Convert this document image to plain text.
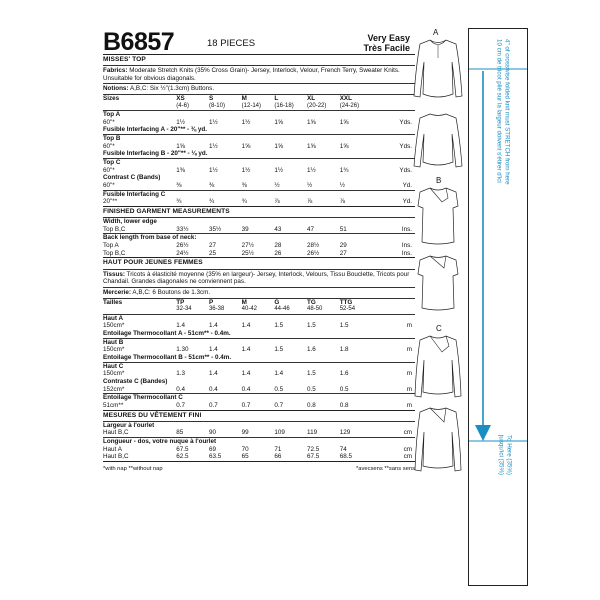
B6857	18 PIECES	Very Easy
Très Facile
MISSES' TOP
Fabrics: Moderate Stretch Knits (35% Cross Grain)- Jersey, Interlock, Velour, French Terry, Sweater Knits. Unsuitable for obvious diagonals.
Notions: A,B,C: Six ½"(1.3cm) Buttons.
Sizes	XS	S	M	L	XL	XXL
(4-6)	(8-10)	(12-14)	(16-18)	(20-22)	(24-26)
Top A
60"*	1½	1½	1½	1⅝	1⅝	1⅝	Yds.
Fusible Interfacing A - 20"** - ⅜ yd.
Top B
60"*	1⅝	1½	1⅝	1⅝	1⅝	1⅝	Yds.
Fusible Interfacing B - 20"** - ⅛ yd.
Top C
60"*	1⅜	1½	1½	1½	1½	1¾	Yds.
Contrast C (Bands)
60"*	⅜	⅜	⅜	½	½	½	Yd.
Fusible Interfacing C
20"**	¾	¾	¾	⅞	⅞	⅞	Yd.
FINISHED GARMENT MEASUREMENTS
Width, lower edge
Top B,C	33½	35½	39	43	47	51	Ins.
Back length from base of neck:
Top A	26½	27	27½	28	28½	29	Ins.
Top B,C	24½	25	25½	26	26½	27	Ins.
HAUT POUR JEUNES FEMMES
Tissus: Tricots à élasticité moyenne (35% en largeur)- Jersey, Interlock, Velours, Tissu Bouclette, Tricots pour Chandail. Grandes diagonales ne conviennent pas.
Mercerie: A,B,C: 6 Boutons de 1.3cm.
Tailles	TP	P	M	G	TG	TTG
32-34	36-38	40-42	44-46	48-50	52-54
Haut A
150cm*	1.4	1.4	1.4	1.5	1.5	1.5	m
Entoilage Thermocollant A - 51cm** - 0.4m.
Haut B
150cm*	1.30	1.4	1.4	1.5	1.6	1.8	m
Entoilage Thermocollant B - 51cm** - 0.4m.
Haut C
150cm*	1.3	1.4	1.4	1.4	1.5	1.6	m
Contraste C (Bandes)
152cm*	0.4	0.4	0.4	0.5	0.5	0.5	m
Entoilage Thermocollant C
51cm**	0.7	0.7	0.7	0.7	0.8	0.8	m
MESURES DU VÊTEMENT FINI
Largeur à l'ourlet
Haut B,C	85	90	99	109	119	129	cm
Longueur - dos, votre nuque à l'ourlet
Haut A	67.5	69	70	71	72.5	74	cm
Haut B,C	62.5	63.5	65	66	67.5	68.5	cm
*with nap **without nap	*avecsens **sans sens
A
B
C
4" of crosswise folded knit must STRETCH from here
10 cm de tricot plié sur la largeur doivent s'étirer d'ici
To Here (35%)
jusqu'ici (35%)
